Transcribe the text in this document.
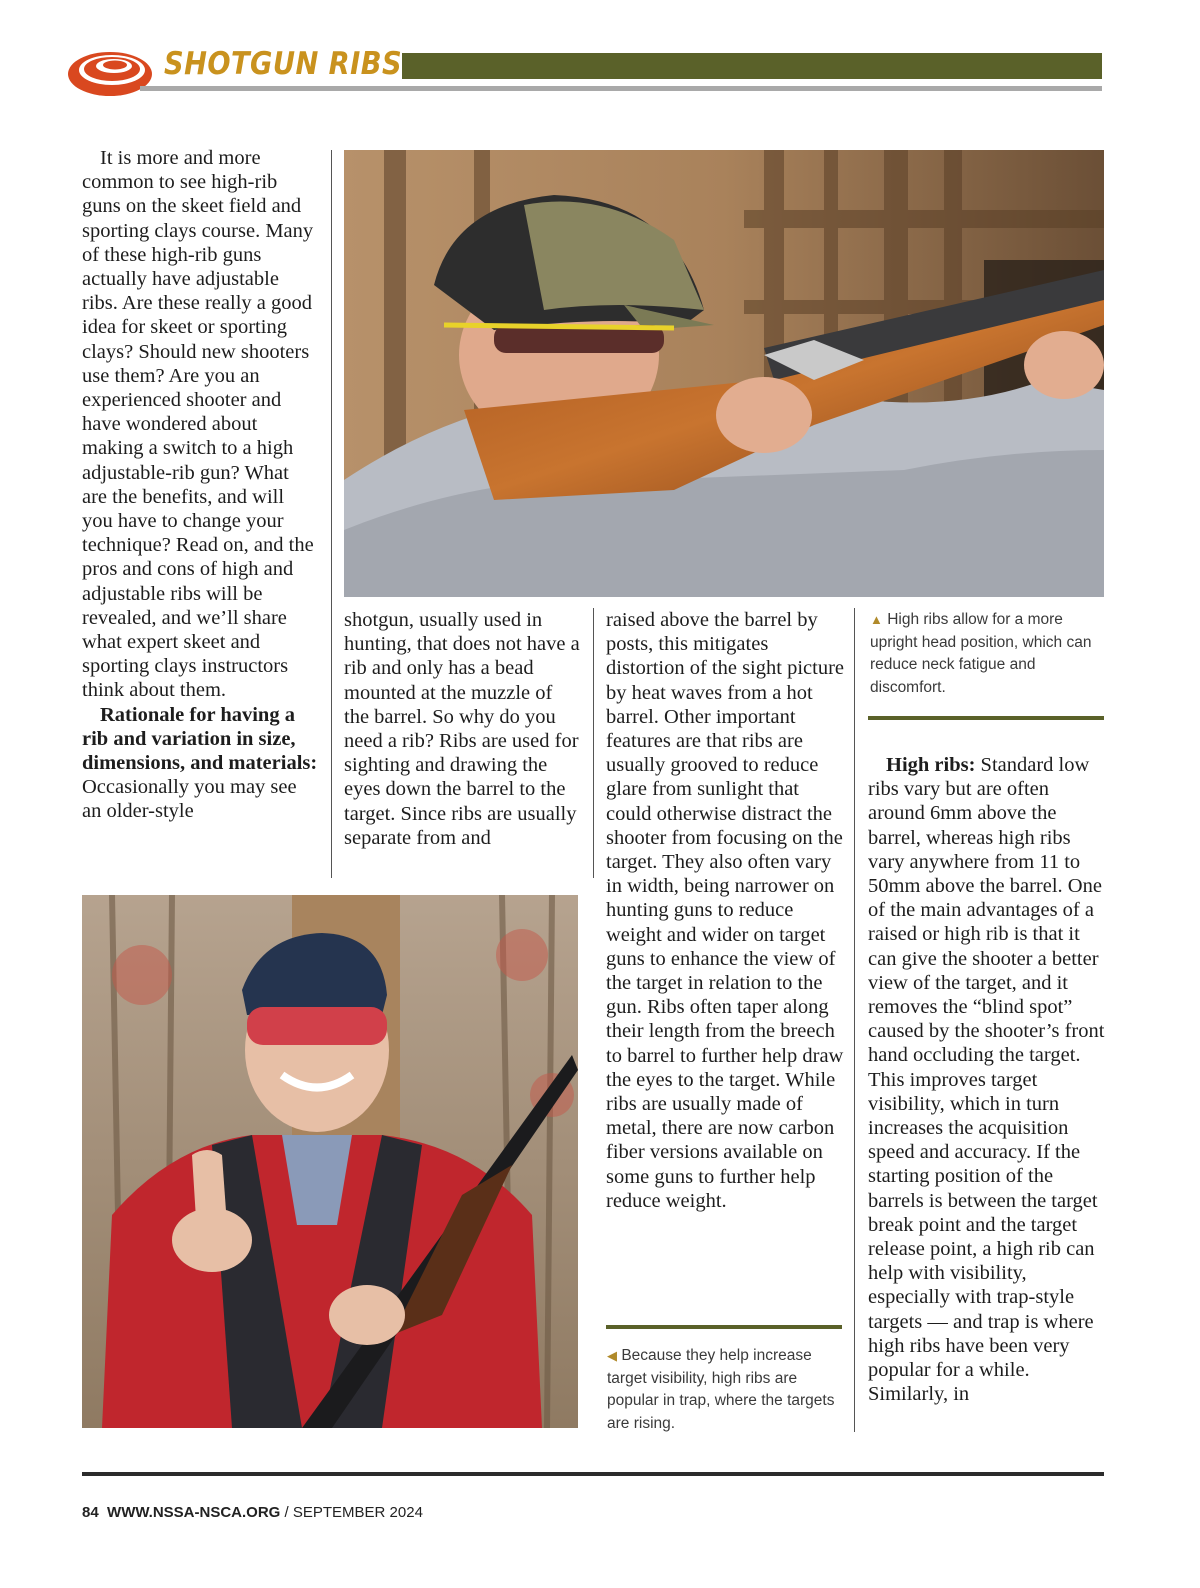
SHOTGUN RIBS

It is more and more common to see high-rib guns on the skeet field and sporting clays course. Many of these high-rib guns actually have adjustable ribs. Are these really a good idea for skeet or sporting clays? Should new shooters use them? Are you an experienced shooter and have wondered about making a switch to a high adjustable-rib gun? What are the benefits, and will you have to change your technique? Read on, and the pros and cons of high and adjustable ribs will be revealed, and we’ll share what expert skeet and sporting clays instructors think about them.

Rationale for having a rib and variation in size, dimensions, and materials: Occasionally you may see an older-style

shotgun, usually used in hunting, that does not have a rib and only has a bead mounted at the muzzle of the barrel. So why do you need a rib? Ribs are used for sighting and drawing the eyes down the barrel to the target. Since ribs are usually separate from and

raised above the barrel by posts, this mitigates distortion of the sight picture by heat waves from a hot barrel. Other important features are that ribs are usually grooved to reduce glare from sunlight that could otherwise distract the shooter from focusing on the target. They also often vary in width, being narrower on hunting guns to reduce weight and wider on target guns to enhance the view of the target in relation to the gun. Ribs often taper along their length from the breech to barrel to further help draw the eyes to the target. While ribs are usually made of metal, there are now carbon fiber versions available on some guns to further help reduce weight.

▲ High ribs allow for a more upright head position, which can reduce neck fatigue and discomfort.

High ribs: Standard low ribs vary but are often around 6mm above the barrel, whereas high ribs vary anywhere from 11 to 50mm above the barrel. One of the main advantages of a raised or high rib is that it can give the shooter a better view of the target, and it removes the “blind spot” caused by the shooter’s front hand occluding the target. This improves target visibility, which in turn increases the acquisition speed and accuracy. If the starting position of the barrels is between the target break point and the target release point, a high rib can help with visibility, especially with trap-style targets — and trap is where high ribs have been very popular for a while. Similarly, in

◀ Because they help increase target visibility, high ribs are popular in trap, where the targets are rising.

84 WWW.NSSA-NSCA.ORG / SEPTEMBER 2024
